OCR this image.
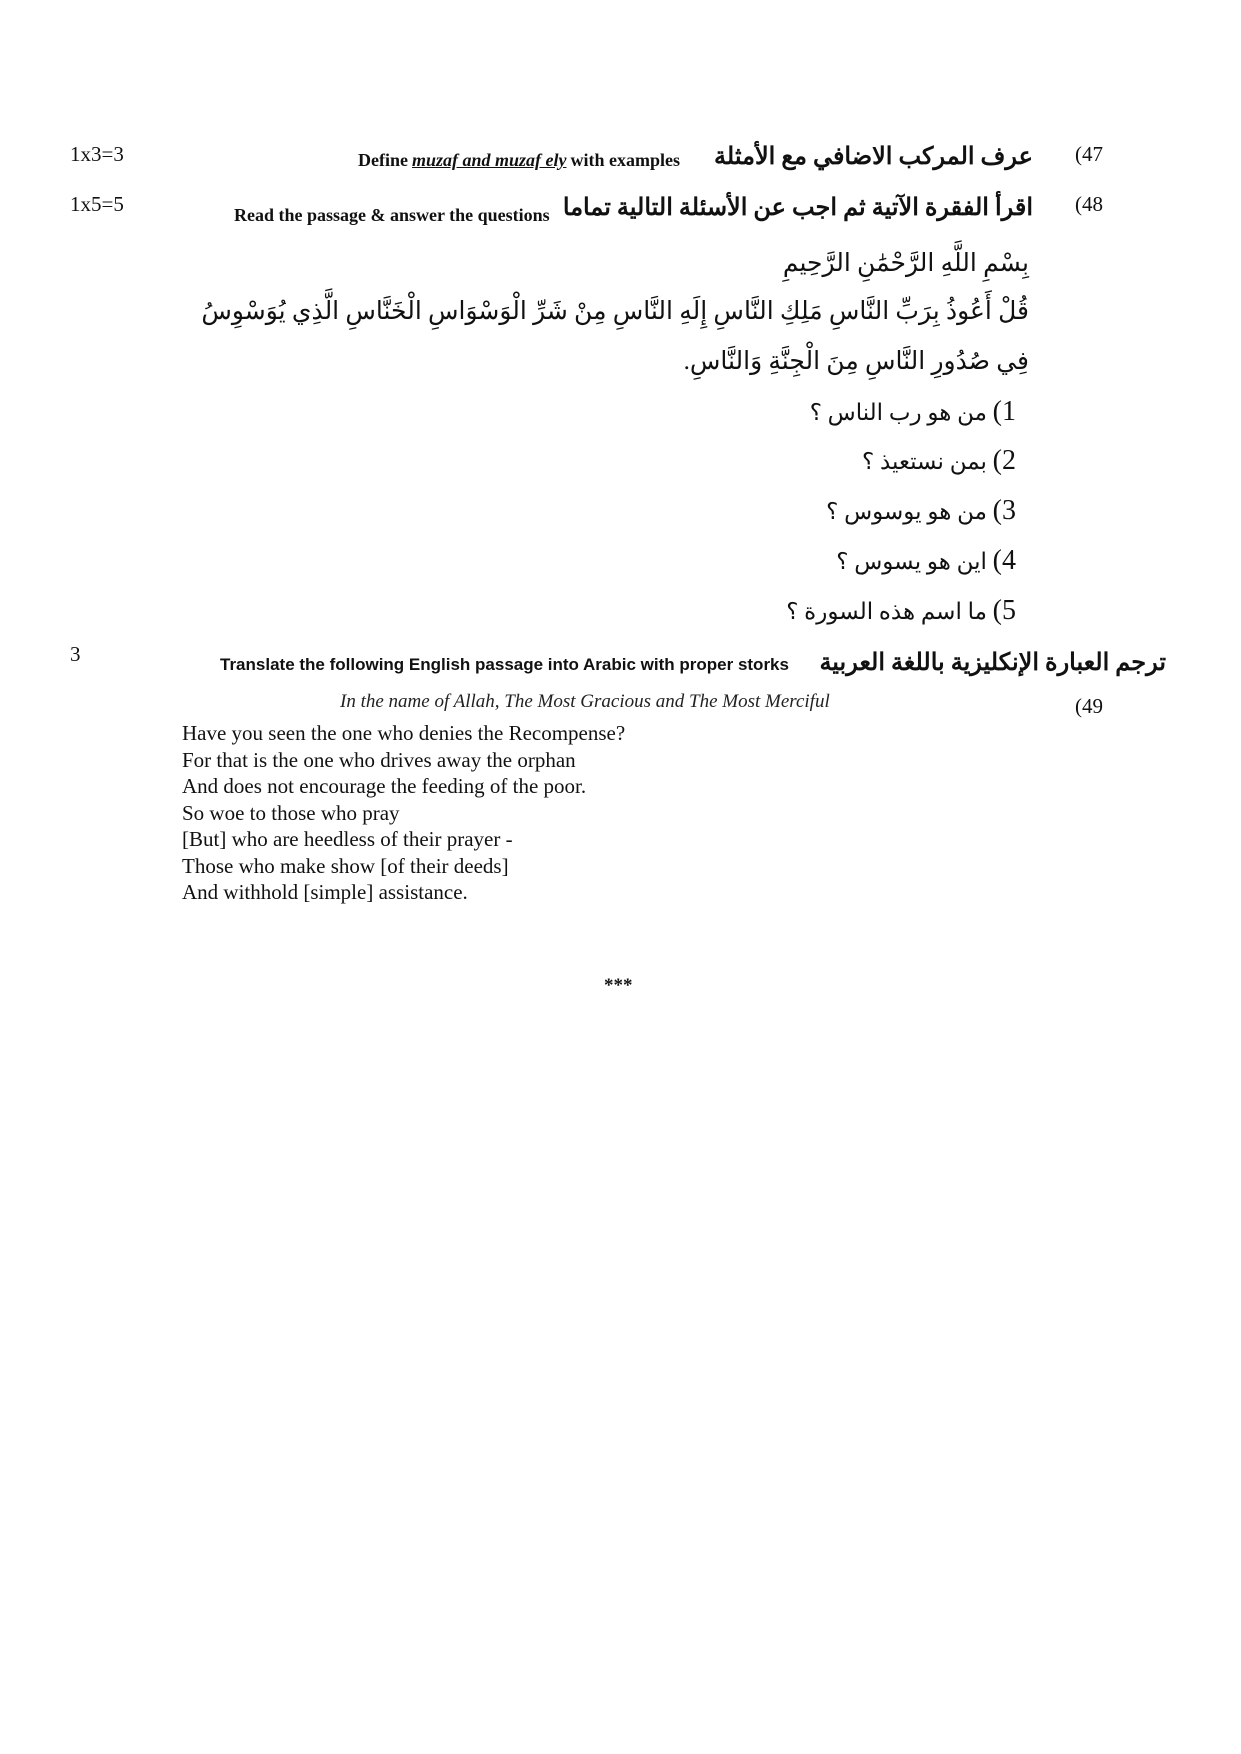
1x3=3	Define muzaf and muzaf ely with examples عرف المركب الاضافي مع الأمثلة (47
1x5=5	Read the passage & answer the questions اقرأ الفقرة الآتية ثم اجب عن الأسئلة التالية تماما (48
بِسْمِ اللَّهِ الرَّحْمَٰنِ الرَّحِيمِ
قُلْ أَعُوذُ بِرَبِّ النَّاسِ مَلِكِ النَّاسِ إِلَهِ النَّاسِ مِنْ شَرِّ الْوَسْوَاسِ الْخَنَّاسِ الَّذِي يُوَسْوِسُ
فِي صُدُورِ النَّاسِ مِنَ الْجِنَّةِ وَالنَّاسِ.
1) من هو رب الناس ؟
2) بمن نستعيذ ؟
3) من هو يوسوس ؟
4) اين هو يسوس ؟
5) ما اسم هذه السورة ؟
3	Translate the following English passage into Arabic with proper storks ترجم العبارة الإنكليزية باللغة العربية
(49
In the name of Allah, The Most Gracious and The Most Merciful
Have you seen the one who denies the Recompense?
For that is the one who drives away the orphan
And does not encourage the feeding of the poor.
So woe to those who pray
[But] who are heedless of their prayer -
Those who make show [of their deeds]
And withhold [simple] assistance.
***
